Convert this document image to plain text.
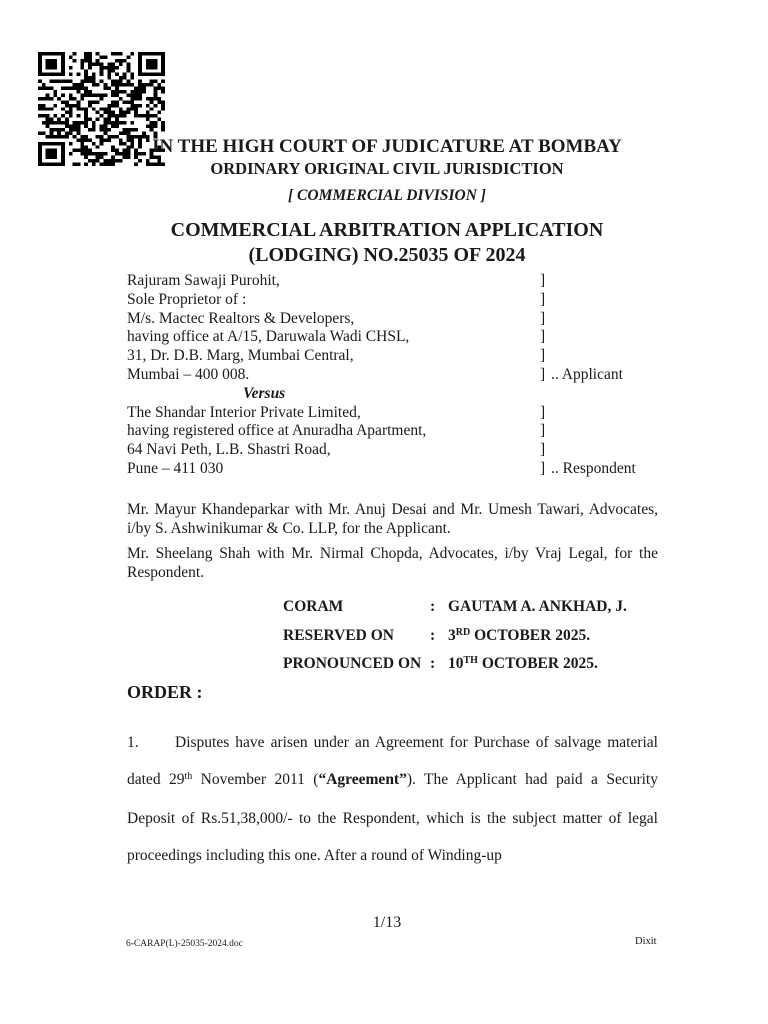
IN THE HIGH COURT OF JUDICATURE AT BOMBAY
ORDINARY ORIGINAL CIVIL JURISDICTION
[ COMMERCIAL DIVISION ]
COMMERCIAL ARBITRATION APPLICATION
(LODGING) NO.25035 OF 2024
Rajuram Sawaji Purohit,	]
Sole Proprietor of :	]
M/s. Mactec Realtors & Developers,	]
having office at A/15, Daruwala Wadi CHSL,	]
31, Dr. D.B. Marg, Mumbai Central,	]
Mumbai – 400 008.	] .. Applicant
Versus
The Shandar Interior Private Limited,	]
having registered office at Anuradha Apartment,	]
64 Navi Peth, L.B. Shastri Road,	]
Pune – 411 030	] .. Respondent

Mr. Mayur Khandeparkar with Mr. Anuj Desai and Mr. Umesh Tawari, Advocates, i/by S. Ashwinikumar & Co. LLP, for the Applicant.

Mr. Sheelang Shah with Mr. Nirmal Chopda, Advocates, i/by Vraj Legal, for the Respondent.

CORAM	: GAUTAM A. ANKHAD, J.
RESERVED ON	: 3RD OCTOBER 2025.
PRONOUNCED ON : 10TH OCTOBER 2025.
ORDER :

1. Disputes have arisen under an Agreement for Purchase of salvage material dated 29th November 2011 (“Agreement”). The Applicant had paid a Security Deposit of Rs.51,38,000/- to the Respondent, which is the subject matter of legal proceedings including this one. After a round of Winding-up

1/13
6-CARAP(L)-25035-2024.doc	Dixit
